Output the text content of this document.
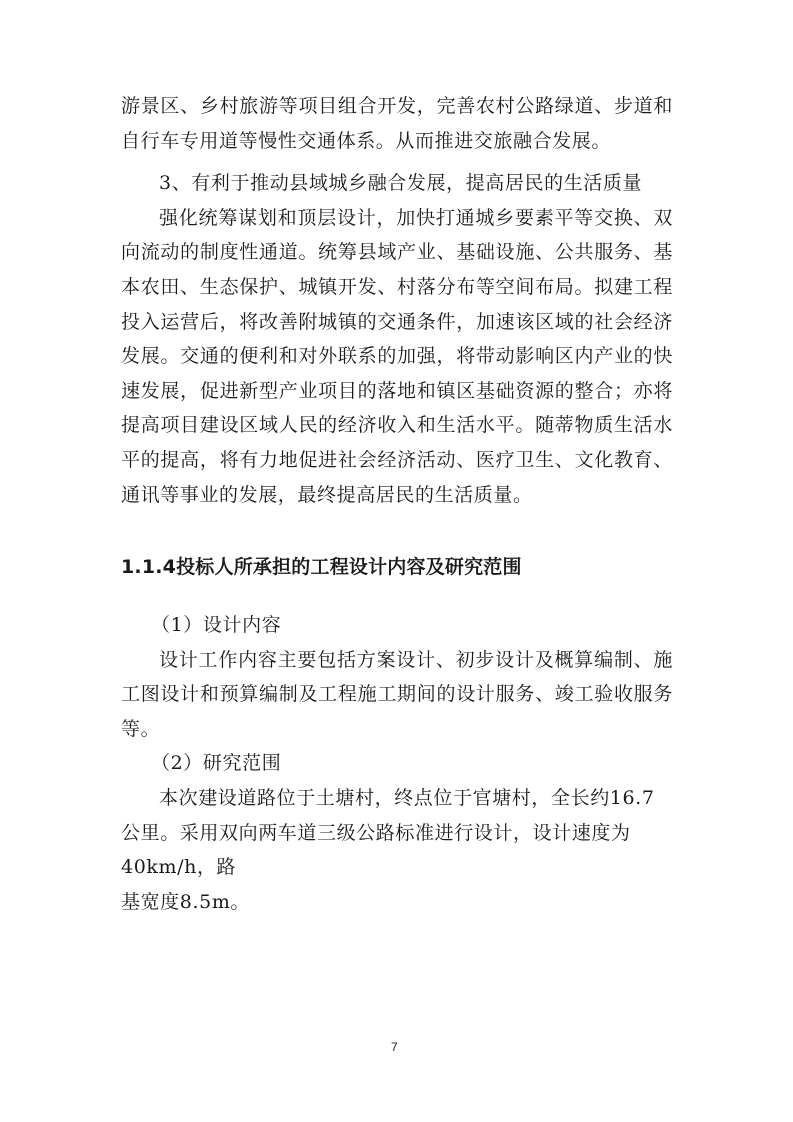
游景区、乡村旅游等项目组合开发，完善农村公路绿道、步道和自行车专用道等慢性交通体系。从而推进交旅融合发展。

3、有利于推动县域城乡融合发展，提高居民的生活质量

强化统筹谋划和顶层设计，加快打通城乡要素平等交换、双向流动的制度性通道。统筹县域产业、基础设施、公共服务、基本农田、生态保护、城镇开发、村落分布等空间布局。拟建工程投入运营后，将改善附城镇的交通条件，加速该区域的社会经济发展。交通的便利和对外联系的加强，将带动影响区内产业的快速发展，促进新型产业项目的落地和镇区基础资源的整合；亦将提高项目建设区域人民的经济收入和生活水平。随蒂物质生活水平的提高，将有力地促进社会经济活动、医疗卫生、文化教育、通讯等事业的发展，最终提高居民的生活质量。

1.1.4投标人所承担的工程设计内容及研究范围

（1）设计内容

设计工作内容主要包括方案设计、初步设计及概算编制、施工图设计和预算编制及工程施工期间的设计服务、竣工验收服务等。

（2）研究范围

本次建设道路位于土塘村，终点位于官塘村，全长约16.7公里。采用双向两车道三级公路标准进行设计，设计速度为40km/h，路

基宽度8.5m。

7
